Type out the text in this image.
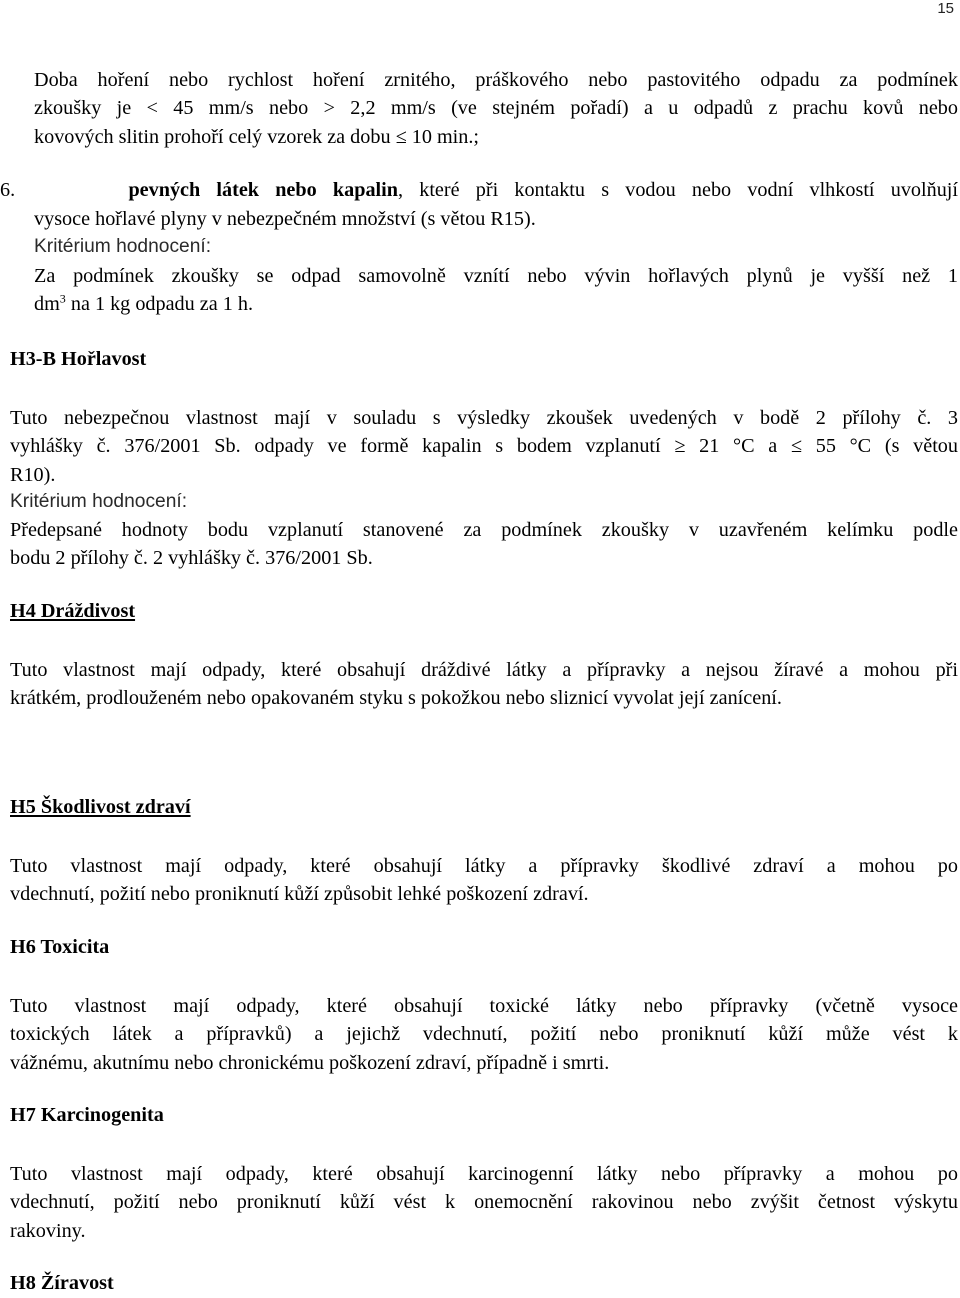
15
Doba hoření nebo rychlost hoření zrnitého, práškového nebo pastovitého odpadu za podmínek
zkoušky je < 45 mm/s nebo > 2,2 mm/s (ve stejném pořadí) a u odpadů z prachu kovů nebo
kovových slitin prohoří celý vzorek za dobu ≤ 10 min.;
6.	pevných látek nebo kapalin, které při kontaktu s vodou nebo vodní vlhkostí uvolňují
vysoce hořlavé plyny v nebezpečném množství (s větou R15).
Kritérium hodnocení:
Za podmínek zkoušky se odpad samovolně vznítí nebo vývin hořlavých plynů je vyšší než 1
$dm^3$ na 1 kg odpadu za 1 h.
H3-B Hořlavost
Tuto nebezpečnou vlastnost mají v souladu s výsledky zkoušek uvedených v bodě 2 přílohy č. 3
vyhlášky č. 376/2001 Sb. odpady ve formě kapalin s bodem vzplanutí ≥ 21 °C a ≤ 55 °C (s větou
R10).
Kritérium hodnocení:
Předepsané hodnoty bodu vzplanutí stanovené za podmínek zkoušky v uzavřeném kelímku podle
bodu 2 přílohy č. 2 vyhlášky č. 376/2001 Sb.
H4 Dráždivost
Tuto vlastnost mají odpady, které obsahují dráždivé látky a přípravky a nejsou žíravé a mohou při
krátkém, prodlouženém nebo opakovaném styku s pokožkou nebo sliznicí vyvolat její zanícení.
H5 Škodlivost zdraví
Tuto vlastnost mají odpady, které obsahují látky a přípravky škodlivé zdraví a mohou po
vdechnutí, požití nebo proniknutí kůží způsobit lehké poškození zdraví.
H6 Toxicita
Tuto vlastnost mají odpady, které obsahují toxické látky nebo přípravky (včetně vysoce
toxických látek a přípravků) a jejichž vdechnutí, požití nebo proniknutí kůží může vést k
vážnému, akutnímu nebo chronickému poškození zdraví, případně i smrti.
H7 Karcinogenita
Tuto vlastnost mají odpady, které obsahují karcinogenní látky nebo přípravky a mohou po
vdechnutí, požití nebo proniknutí kůží vést k onemocnění rakovinou nebo zvýšit četnost výskytu
rakoviny.
H8 Žíravost
